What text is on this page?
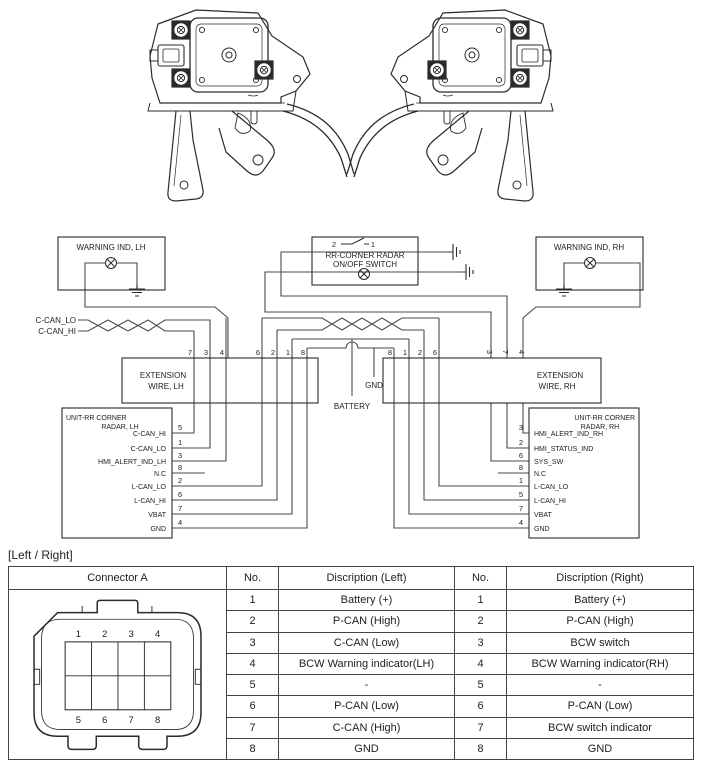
WARNING IND, LH	WARNING IND, RH
2	1
RR-CORNER RADAR
ON/OFF SWITCH
C-CAN_LO
C-CAN_HI
EXTENSION
WIRE, LH
EXTENSION
WIRE, RH
GND
BATTERY
7 3 4	6 2 1 8	8 1 2 6	3 7 4
UNIT-RR CORNER
RADAR, LH
C-CAN_HI
5
C-CAN_LO
1
HMI_ALERT_IND_LH
3
N.C
8
L-CAN_LO
2
L-CAN_HI
6
VBAT
7
GND
4
UNIT-RR CORNER
RADAR, RH
HMI_ALERT_IND_RH
3
HMI_STATUS_IND
2
SYS_SW
6
N.C
8
L-CAN_LO
1
L-CAN_HI
5
VBAT
7
GND
4
[Left / Right]
Connector A	No.	Discription (Left)	No.	Discription (Right)

1 2 3 4
5 6 7 8
	1	Battery (+)	1	Battery (+)
	2	P-CAN (High)	2	P-CAN (High)
	3	C-CAN (Low)	3	BCW switch
	4	BCW Warning indicator(LH)	4	BCW Warning indicator(RH)
	5	-	5	-
	6	P-CAN (Low)	6	P-CAN (Low)
	7	C-CAN (High)	7	BCW switch indicator
	8	GND	8	GND
